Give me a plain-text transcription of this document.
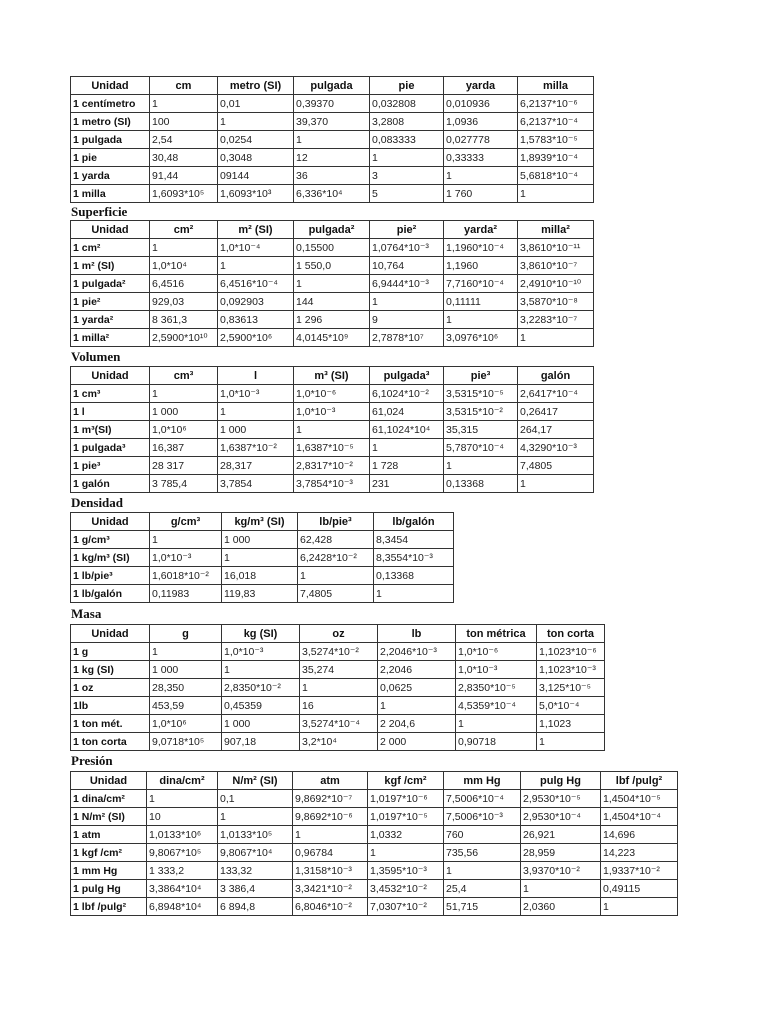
Unidad	cm	metro (SI)	pulgada	pie	yarda	milla
1 centímetro	1	0,01	0,39370	0,032808	0,010936	6,2137*10⁻⁶
1 metro (SI)	100	1	39,370	3,2808	1,0936	6,2137*10⁻⁴
1 pulgada	2,54	0,0254	1	0,083333	0,027778	1,5783*10⁻⁵
1 pie	30,48	0,3048	12	1	0,33333	1,8939*10⁻⁴
1 yarda	91,44	09144	36	3	1	5,6818*10⁻⁴
1 milla	1,6093*10⁵	1,6093*10³	6,336*10⁴	5	1 760	1
Superficie
Unidad	cm²	m² (SI)	pulgada²	pie²	yarda²	milla²
1 cm²	1	1,0*10⁻⁴	0,15500	1,0764*10⁻³	1,1960*10⁻⁴	3,8610*10⁻¹¹
1 m² (SI)	1,0*10⁴	1	1 550,0	10,764	1,1960	3,8610*10⁻⁷
1 pulgada²	6,4516	6,4516*10⁻⁴	1	6,9444*10⁻³	7,7160*10⁻⁴	2,4910*10⁻¹⁰
1 pie²	929,03	0,092903	144	1	0,11111	3,5870*10⁻⁸
1 yarda²	8 361,3	0,83613	1 296	9	1	3,2283*10⁻⁷
1 milla²	2,5900*10¹⁰	2,5900*10⁶	4,0145*10⁹	2,7878*10⁷	3,0976*10⁶	1
Volumen
Unidad	cm³	l	m³ (SI)	pulgada³	pie³	galón
1 cm³	1	1,0*10⁻³	1,0*10⁻⁶	6,1024*10⁻²	3,5315*10⁻⁵	2,6417*10⁻⁴
1 l	1 000	1	1,0*10⁻³	61,024	3,5315*10⁻²	0,26417
1 m³(SI)	1,0*10⁶	1 000	1	61,1024*10⁴	35,315	264,17
1 pulgada³	16,387	1,6387*10⁻²	1,6387*10⁻⁵	1	5,7870*10⁻⁴	4,3290*10⁻³
1 pie³	28 317	28,317	2,8317*10⁻²	1 728	1	7,4805
1 galón	3 785,4	3,7854	3,7854*10⁻³	231	0,13368	1
Densidad
Unidad	g/cm³	kg/m³ (SI)	lb/pie³	lb/galón
1 g/cm³	1	1 000	62,428	8,3454
1 kg/m³ (SI)	1,0*10⁻³	1	6,2428*10⁻²	8,3554*10⁻³
1 lb/pie³	1,6018*10⁻²	16,018	1	0,13368
1 lb/galón	0,11983	119,83	7,4805	1
Masa
Unidad	g	kg (SI)	oz	lb	ton métrica	ton corta
1 g	1	1,0*10⁻³	3,5274*10⁻²	2,2046*10⁻³	1,0*10⁻⁶	1,1023*10⁻⁶
1 kg (SI)	1 000	1	35,274	2,2046	1,0*10⁻³	1,1023*10⁻³
1 oz	28,350	2,8350*10⁻²	1	0,0625	2,8350*10⁻⁵	3,125*10⁻⁵
1lb	453,59	0,45359	16	1	4,5359*10⁻⁴	5,0*10⁻⁴
1 ton mét.	1,0*10⁶	1 000	3,5274*10⁻⁴	2 204,6	1	1,1023
1 ton corta	9,0718*10⁵	907,18	3,2*10⁴	2 000	0,90718	1
Presión
Unidad	dina/cm²	N/m² (SI)	atm	kgf /cm²	mm Hg	pulg Hg	lbf /pulg²
1 dina/cm²	1	0,1	9,8692*10⁻⁷	1,0197*10⁻⁶	7,5006*10⁻⁴	2,9530*10⁻⁵	1,4504*10⁻⁵
1 N/m² (SI)	10	1	9,8692*10⁻⁶	1,0197*10⁻⁵	7,5006*10⁻³	2,9530*10⁻⁴	1,4504*10⁻⁴
1 atm	1,0133*10⁶	1,0133*10⁵	1	1,0332	760	26,921	14,696
1 kgf /cm²	9,8067*10⁵	9,8067*10⁴	0,96784	1	735,56	28,959	14,223
1 mm Hg	1 333,2	133,32	1,3158*10⁻³	1,3595*10⁻³	1	3,9370*10⁻²	1,9337*10⁻²
1 pulg Hg	3,3864*10⁴	3 386,4	3,3421*10⁻²	3,4532*10⁻²	25,4	1	0,49115
1 lbf /pulg²	6,8948*10⁴	6 894,8	6,8046*10⁻²	7,0307*10⁻²	51,715	2,0360	1
